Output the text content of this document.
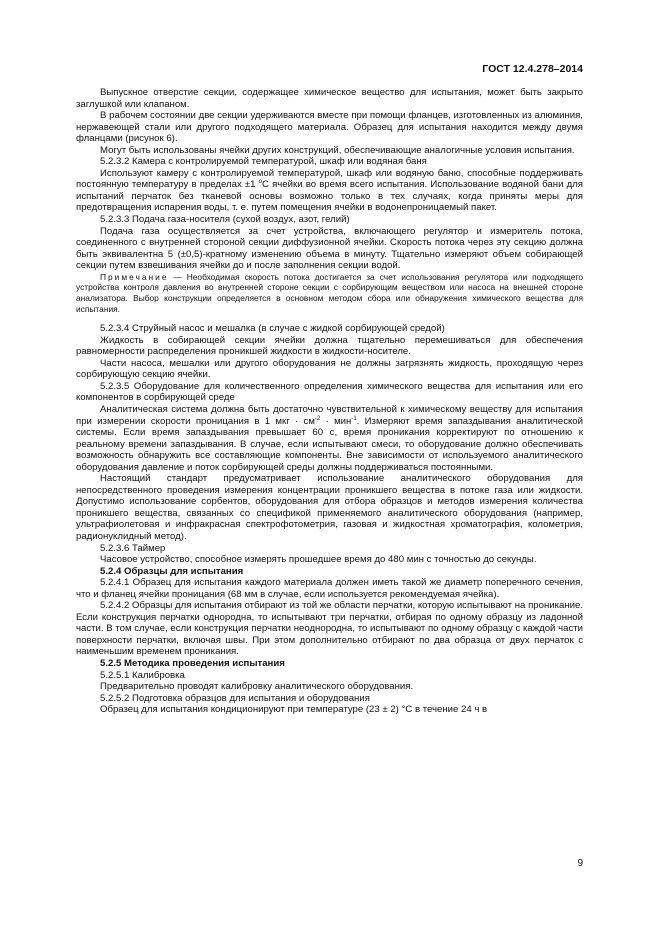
ГОСТ 12.4.278–2014

Выпускное отверстие секции, содержащее химическое вещество для испытания, может быть закрыто заглушкой или клапаном.

В рабочем состоянии две секции удерживаются вместе при помощи фланцев, изготовленных из алюминия, нержавеющей стали или другого подходящего материала. Образец для испытания находится между двумя фланцами (рисунок 6).

Могут быть использованы ячейки других конструкций, обеспечивающие аналогичные условия испытания.

5.2.3.2 Камера с контролируемой температурой, шкаф или водяная баня

Используют камеру с контролируемой температурой, шкаф или водяную баню, способные поддерживать постоянную температуру в пределах ±1 $^о$С ячейки во время всего испытания. Использование водяной бани для испытаний перчаток без тканевой основы возможно только в тех случаях, когда приняты меры для предотвращения испарения воды, т. е. путем помещения ячейки в водонепроницаемый пакет.

5.2.3.3 Подача газа-носителя (сухой воздух, азот, гелий)

Подача газа осуществляется за счет устройства, включающего регулятор и измеритель потока, соединенного с внутренней стороной секции диффузионной ячейки. Скорость потока через эту секцию должна быть эквивалентна 5 (±0,5)-кратному изменению объема в минуту. Тщательно измеряют объем собирающей секции путем взвешивания ячейки до и после заполнения секции водой.

Примечание — Необходимая скорость потока достигается за счет использования регулятора или подходящего устройства контроля давления во внутренней стороне секции с сорбирующим веществом или насоса на внешней стороне анализатора. Выбор конструкции определяется в основном методом сбора или обнаружения химического вещества для испытания.

5.2.3.4 Струйный насос и мешалка (в случае с жидкой сорбирующей средой)

Жидкость в собирающей секции ячейки должна тщательно перемешиваться для обеспечения равномерности распределения проникшей жидкости в жидкости-носителе.

Части насоса, мешалки или другого оборудования не должны загрязнять жидкость, проходящую через сорбирующую секцию ячейки.

5.2.3.5 Оборудование для количественного определения химического вещества для испытания или его компонентов в сорбирующей среде

Аналитическая система должна быть достаточно чувствительной к химическому веществу для испытания при измерении скорости проницания в 1 мкг · $см^{-2} \cdot мин^{-1}$. Измеряют время запаздывания аналитической системы. Если время запаздывания превышает 60 с, время проникания корректируют по отношению к реальному времени запаздывания. В случае, если испытывают смеси, то оборудование должно обеспечивать возможность обнаружить все составляющие компоненты. Вне зависимости от используемого аналитического оборудования давление и поток сорбирующей среды должны поддерживаться постоянными.

Настоящий стандарт предусматривает использование аналитического оборудования для непосредственного проведения измерения концентрации проникшего вещества в потоке газа или жидкости. Допустимо использование сорбентов, оборудования для отбора образцов и методов измерения количества проникшего вещества, связанных со спецификой применяемого аналитического оборудования (например, ультрафиолетовая и инфракрасная спектрофотометрия, газовая и жидкостная хроматография, колометрия, радионуклидный метод).

5.2.3.6 Таймер

Часовое устройство, способное измерять прошедшее время до 480 мин с точностью до секунды.

5.2.4 Образцы для испытания

5.2.4.1 Образец для испытания каждого материала должен иметь такой же диаметр поперечного сечения, что и фланец ячейки проницания (68 мм в случае, если используется рекомендуемая ячейка).

5.2.4.2 Образцы для испытания отбирают из той же области перчатки, которую испытывают на проникание. Если конструкция перчатки однородна, то испытывают три перчатки, отбирая по одному образцу из ладонной части. В том случае, если конструкция перчатки неоднородна, то испытывают по одному образцу с каждой части поверхности перчатки, включая швы. При этом дополнительно отбирают по два образца от двух перчаток с наименьшим временем проникания.

5.2.5 Методика проведения испытания

5.2.5.1 Калибровка

Предварительно проводят калибровку аналитического оборудования.

5.2.5.2 Подготовка образцов для испытания и оборудования

Образец для испытания кондиционируют при температуре (23 ± 2) °С в течение 24 ч в

9
